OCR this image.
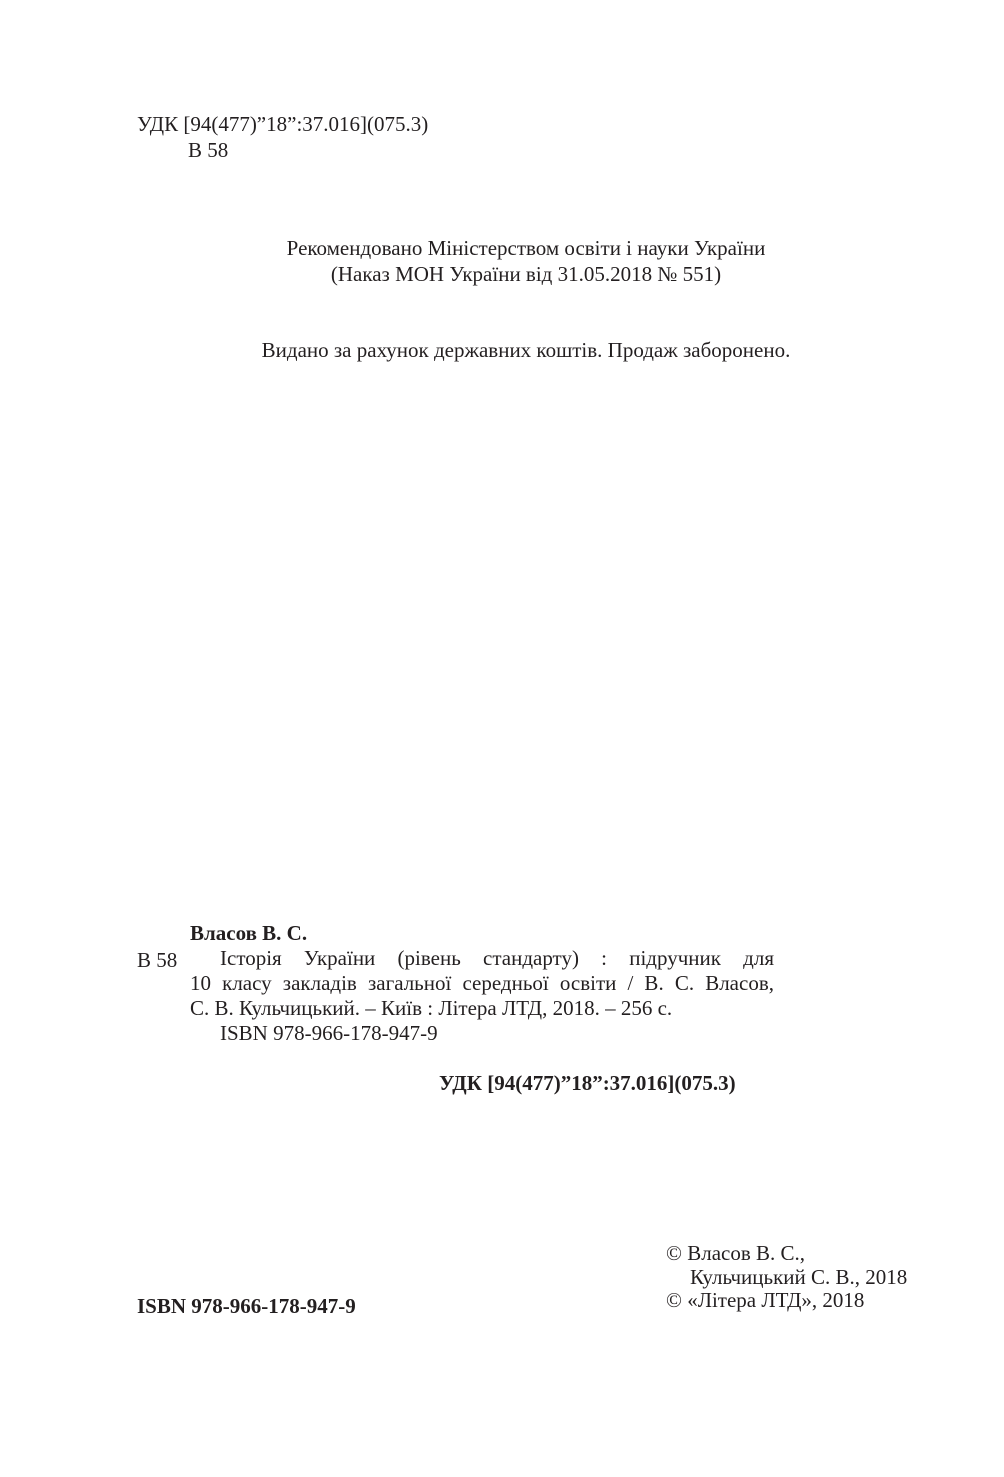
УДК [94(477)”18”:37.016](075.3)
В 58
Рекомендовано Міністерством освіти і науки України
(Наказ МОН України від 31.05.2018 № 551)
Видано за рахунок державних коштів. Продаж заборонено.
Власов В. С.
В 58 Історія України (рівень стандарту) : підручник для
10 класу закладів загальної середньої освіти / В. С. Власов,
С. В. Кульчицький. – Київ : Літера ЛТД, 2018. – 256 с.
ISBN 978-966-178-947-9
УДК [94(477)”18”:37.016](075.3)
ISBN 978-966-178-947-9
© Власов В. С.,
Кульчицький С. В., 2018
© «Літера ЛТД», 2018
